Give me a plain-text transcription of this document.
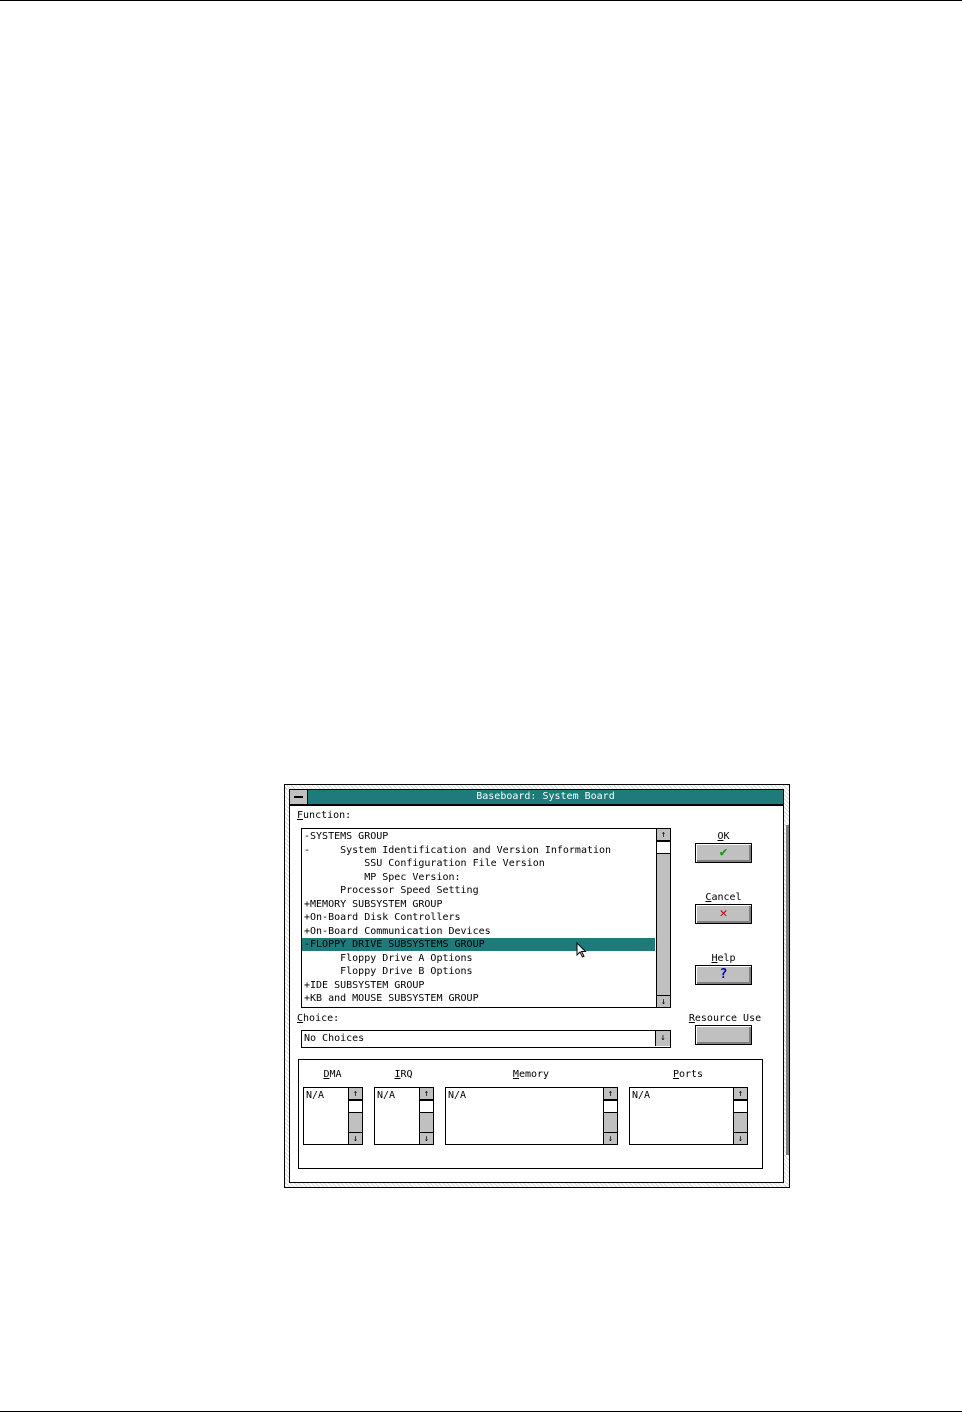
Baseboard: System Board
Function:
-SYSTEMS GROUP
-     System Identification and Version Information
SSU Configuration File Version
MP Spec Version:
Processor Speed Setting
+MEMORY SUBSYSTEM GROUP
+On-Board Disk Controllers
+On-Board Communication Devices
-FLOPPY DRIVE SUBSYSTEMS GROUP
Floppy Drive A Options
Floppy Drive B Options
+IDE SUBSYSTEM GROUP
+KB and MOUSE SUBSYSTEM GROUP
↑
↓
OK
✔
Cancel
✕
Help
?
Choice:
No Choices	↓
Resource Use
DMA
N/A	↑
↓
IRQ
N/A	↑
↓
Memory
N/A	↑
↓
Ports
N/A	↑
↓
